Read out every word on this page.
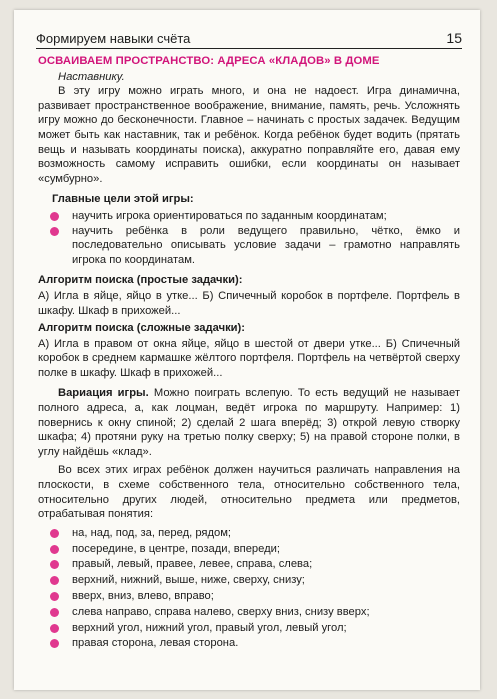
Формируем навыки счёта	15
ОСВАИВАЕМ ПРОСТРАНСТВО: АДРЕСА «КЛАДОВ» В ДОМЕ
Наставнику.

В эту игру можно играть много, и она не надоест. Игра динамична, развивает пространственное воображение, внимание, память, речь. Усложнять игру можно до бесконечности. Главное – начинать с простых задачек. Ведущим может быть как наставник, так и ребёнок. Когда ребёнок будет водить (прятать вещь и называть координаты поиска), аккуратно поправляйте его, давая ему возможность самому исправить ошибки, если координаты он называет «сумбурно».

Главные цели этой игры:
научить игрока ориентироваться по заданным координатам;
научить ребёнка в роли ведущего правильно, чётко, ёмко и последовательно описывать условие задачи – грамотно направлять игрока по координатам.
Алгоритм поиска (простые задачки):

А) Игла в яйце, яйцо в утке... Б) Спичечный коробок в портфеле. Портфель в шкафу. Шкаф в прихожей...

Алгоритм поиска (сложные задачки):

А) Игла в правом от окна яйце, яйцо в шестой от двери утке... Б) Спичечный коробок в среднем кармашке жёлтого портфеля. Портфель на четвёртой сверху полке в шкафу. Шкаф в прихожей...

Вариация игры. Можно поиграть вслепую. То есть ведущий не называет полного адреса, а, как лоцман, ведёт игрока по маршруту. Например: 1) повернись к окну спиной; 2) сделай 2 шага вперёд; 3) открой левую створку шкафа; 4) протяни руку на третью полку сверху; 5) на правой стороне полки, в углу найдёшь «клад».

Во всех этих играх ребёнок должен научиться различать направления на плоскости, в схеме собственного тела, относительно собственного тела, относительно других людей, относительно предмета или предметов, отрабатывая понятия:

на, над, под, за, перед, рядом;
посередине, в центре, позади, впереди;
правый, левый, правее, левее, справа, слева;
верхний, нижний, выше, ниже, сверху, снизу;
вверх, вниз, влево, вправо;
слева направо, справа налево, сверху вниз, снизу вверх;
верхний угол, нижний угол, правый угол, левый угол;
правая сторона, левая сторона.
